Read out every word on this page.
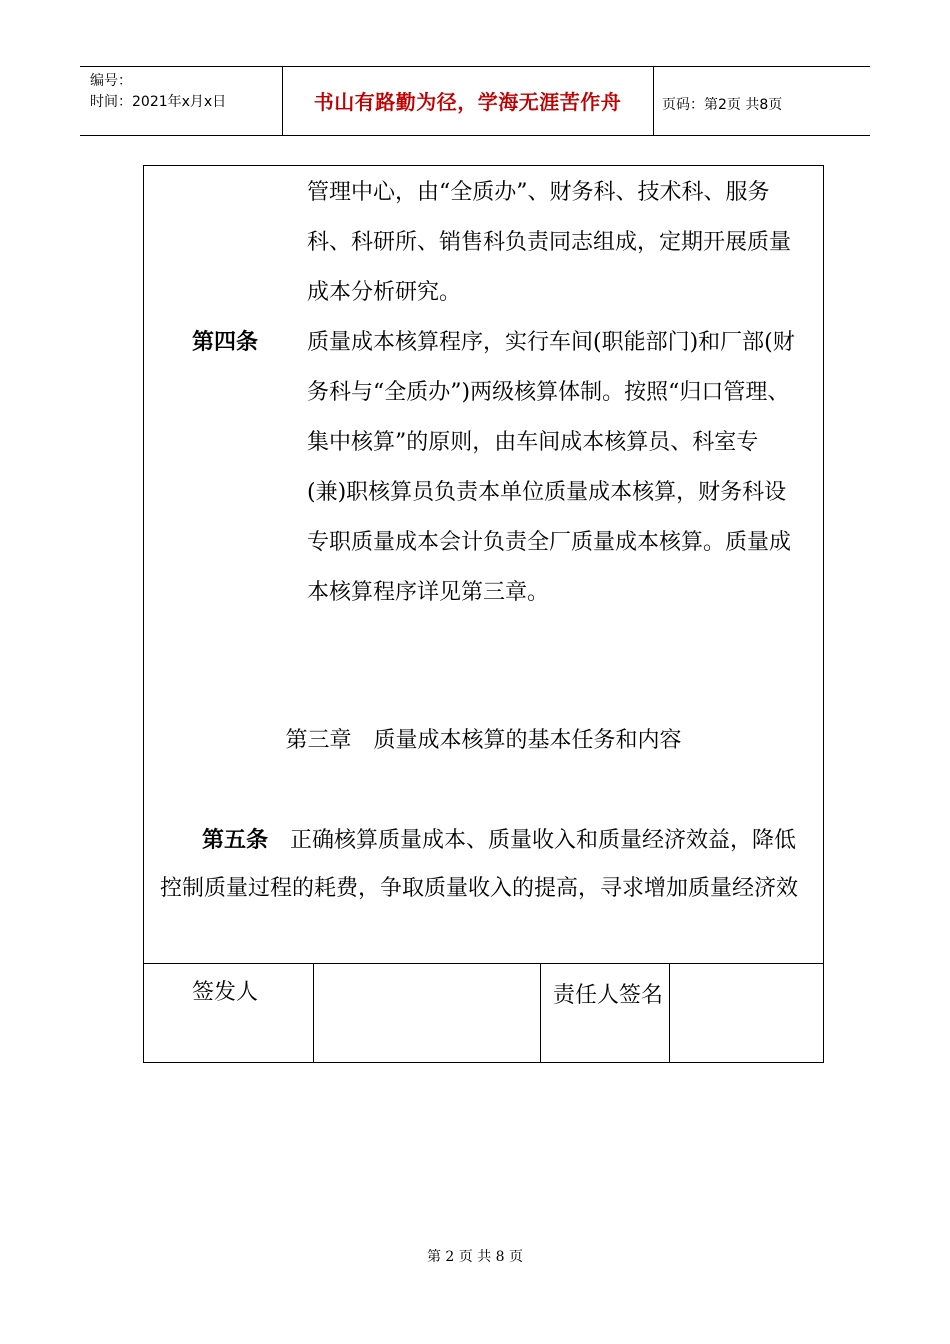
编号：
时间：2021年x月x日	书山有路勤为径，学海无涯苦作舟	页码：第2页 共8页
管理中心，由“全质办”、财务科、技术科、服务科、科研所、销售科负责同志组成，定期开展质量成本分析研究。
第四条 质量成本核算程序，实行车间(职能部门)和厂部(财务科与“全质办”)两级核算体制。按照“归口管理、集中核算”的原则，由车间成本核算员、科室专(兼)职核算员负责本单位质量成本核算，财务科设专职质量成本会计负责全厂质量成本核算。质量成本核算程序详见第三章。
第三章　质量成本核算的基本任务和内容
第五条 正确核算质量成本、质量收入和质量经济效益，降低控制质量过程的耗费，争取质量收入的提高，寻求增加质量经济效
签发人	责任人签名
第 2 页 共 8 页
